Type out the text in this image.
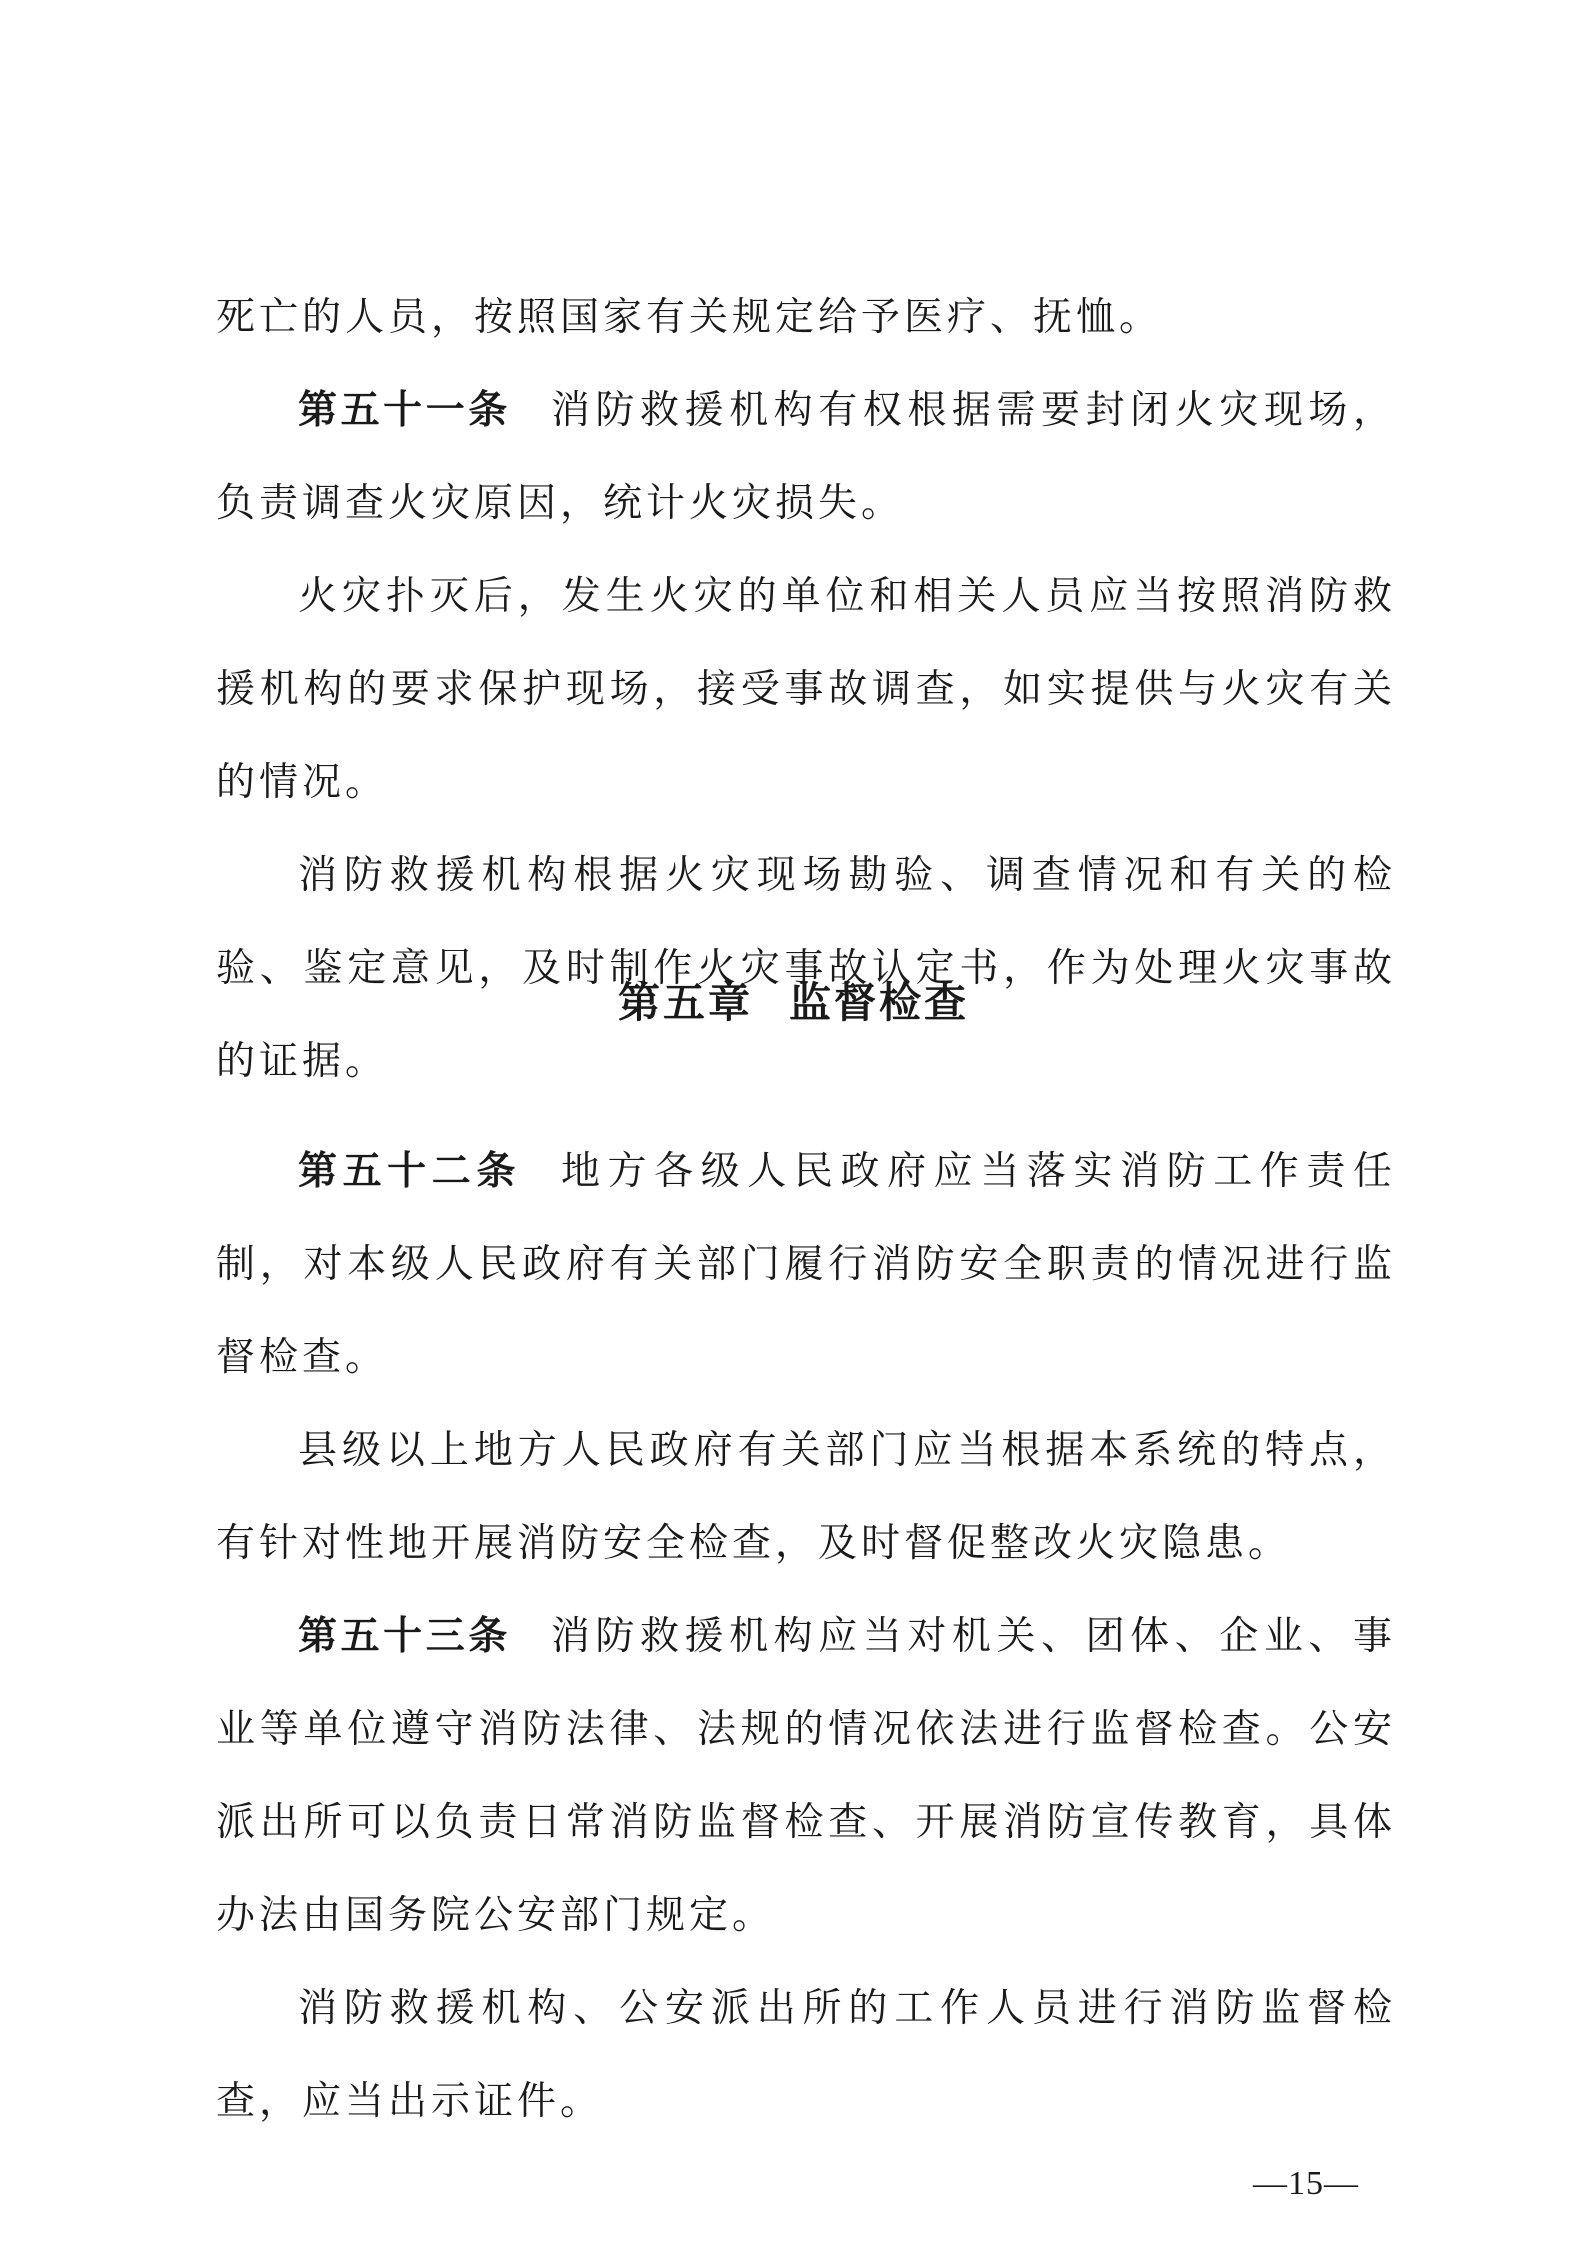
死亡的人员，按照国家有关规定给予医疗、抚恤。

第五十一条 消防救援机构有权根据需要封闭火灾现场，负责调查火灾原因，统计火灾损失。

火灾扑灭后，发生火灾的单位和相关人员应当按照消防救援机构的要求保护现场，接受事故调查，如实提供与火灾有关的情况。

消防救援机构根据火灾现场勘验、调查情况和有关的检验、鉴定意见，及时制作火灾事故认定书，作为处理火灾事故的证据。

第五章 监督检查

第五十二条 地方各级人民政府应当落实消防工作责任制，对本级人民政府有关部门履行消防安全职责的情况进行监督检查。

县级以上地方人民政府有关部门应当根据本系统的特点，有针对性地开展消防安全检查，及时督促整改火灾隐患。

第五十三条 消防救援机构应当对机关、团体、企业、事业等单位遵守消防法律、法规的情况依法进行监督检查。公安派出所可以负责日常消防监督检查、开展消防宣传教育，具体办法由国务院公安部门规定。

消防救援机构、公安派出所的工作人员进行消防监督检查，应当出示证件。

—15—
